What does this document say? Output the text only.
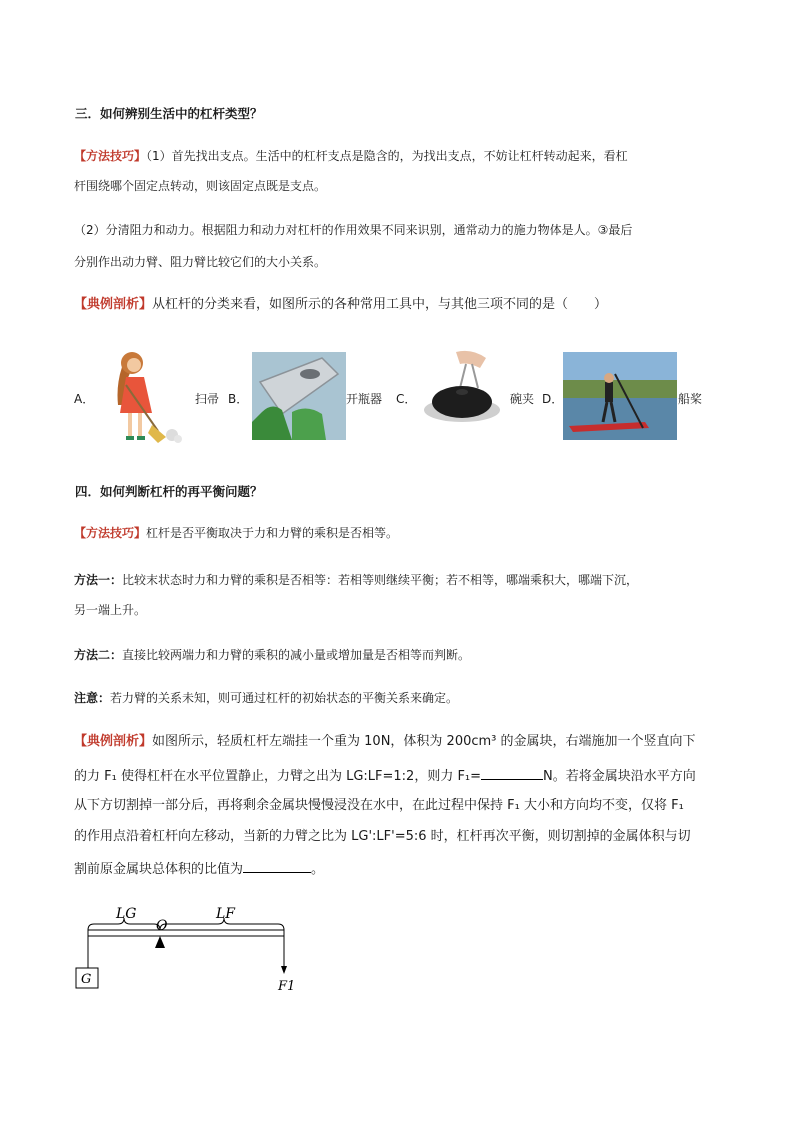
三．如何辨别生活中的杠杆类型？
【方法技巧】（1）首先找出支点。生活中的杠杆支点是隐含的，为找出支点，不妨让杠杆转动起来，看杠
杆围绕哪个固定点转动，则该固定点既是支点。
（2）分清阻力和动力。根据阻力和动力对杠杆的作用效果不同来识别，通常动力的施力物体是人。③最后
分别作出动力臂、阻力臂比较它们的大小关系。
【典例剖析】从杠杆的分类来看，如图所示的各种常用工具中，与其他三项不同的是（　　）
A．	扫帚 B．	开瓶器 C．	碗夹 D．	船桨
四．如何判断杠杆的再平衡问题？
【方法技巧】杠杆是否平衡取决于力和力臂的乘积是否相等。
方法一：比较末状态时力和力臂的乘积是否相等：若相等则继续平衡；若不相等，哪端乘积大，哪端下沉，
另一端上升。
方法二：直接比较两端力和力臂的乘积的减小量或增加量是否相等而判断。
注意：若力臂的关系未知，则可通过杠杆的初始状态的平衡关系来确定。
【典例剖析】如图所示，轻质杠杆左端挂一个重为 10N，体积为 200cm³ 的金属块，右端施加一个竖直向下
的力 F₁ 使得杠杆在水平位置静止，力臂之出为 LG:LF=1:2，则力 F₁=	N。若将金属块沿水平方向
从下方切割掉一部分后，再将剩余金属块慢慢浸没在水中，在此过程中保持 F₁ 大小和方向均不变，仅将 F₁
的作用点沿着杠杆向左移动，当新的力臂之比为 LG':LF'=5:6 时，杠杆再次平衡，则切割掉的金属体积与切
割前原金属块总体积的比值为	。
LG	LF
O
G	F1
